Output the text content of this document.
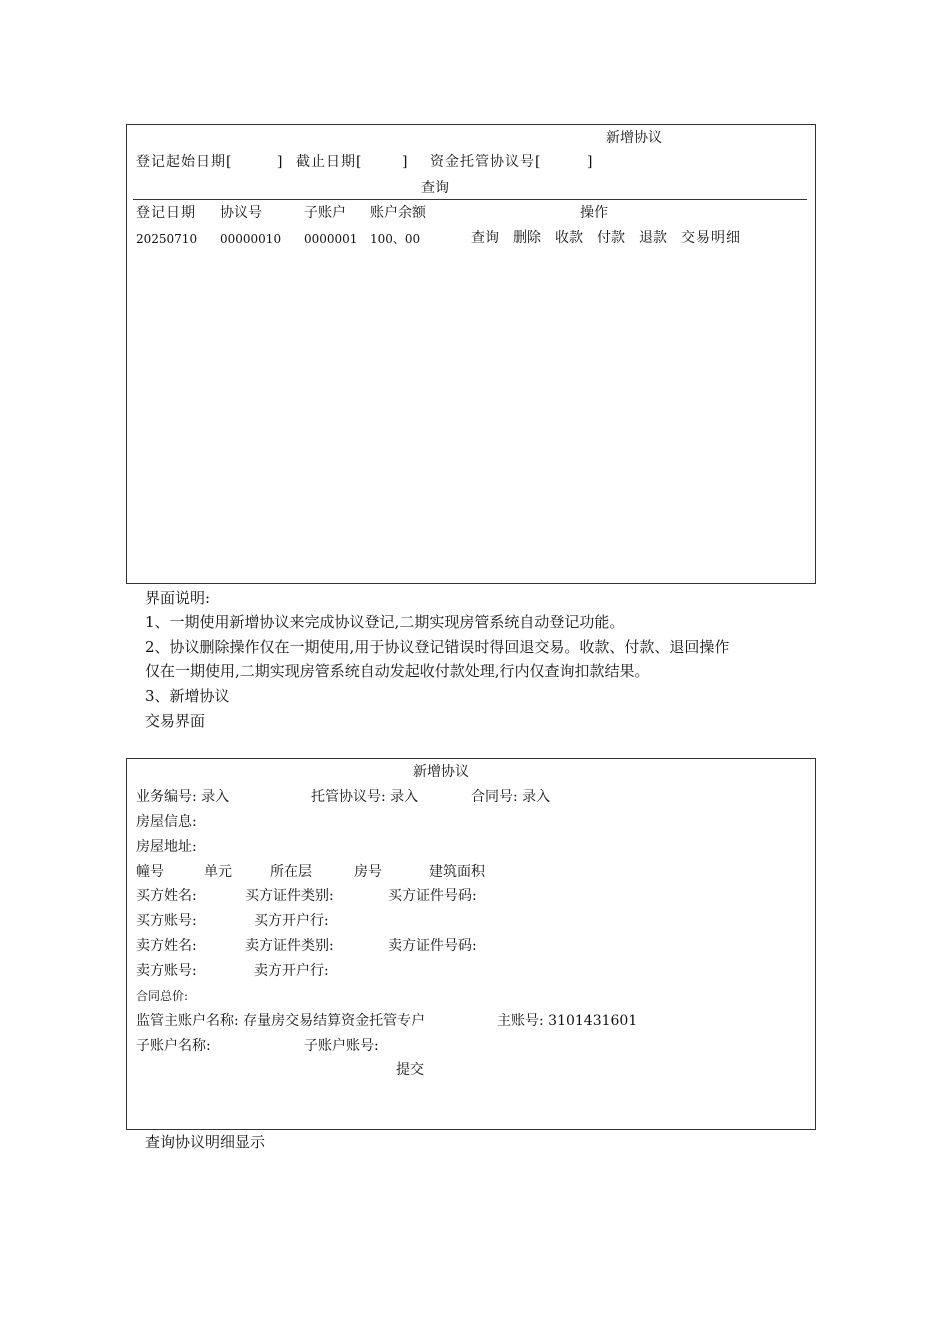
新增协议
登记起始日期[	] 截止日期[	] 资金托管协议号[	]
查询
登记日期 协议号	子账户 账户余额	操作
20250710 00000010 0000001 100、00	查询 删除 收款 付款 退款 交易明细
界面说明:
1、一期使用新增协议来完成协议登记,二期实现房管系统自动登记功能。
2、协议删除操作仅在一期使用,用于协议登记错误时得回退交易。收款、付款、退回操作
仅在一期使用,二期实现房管系统自动发起收付款处理,行内仅查询扣款结果。
3、新增协议
交易界面
新增协议
业务编号: 录入	托管协议号: 录入	合同号: 录入
房屋信息:
房屋地址:
幢号	单元	所在层	房号	建筑面积
买方姓名:	买方证件类别:	买方证件号码:
买方账号:	买方开户行:
卖方姓名:	卖方证件类别:	卖方证件号码:
卖方账号:	卖方开户行:
合同总价:
监管主账户名称: 存量房交易结算资金托管专户	主账号: 3101431601
子账户名称:	子账户账号:
提交
查询协议明细显示
